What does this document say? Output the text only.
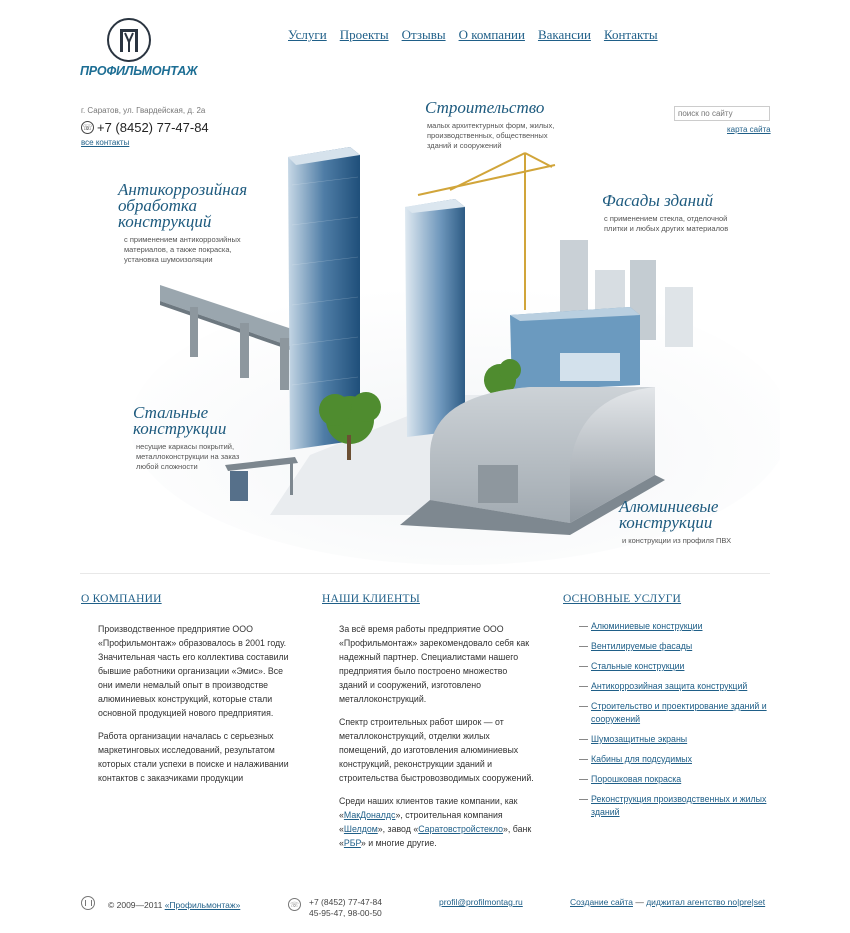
ПРОФИЛЬМОНТАЖ
Услуги Проекты Отзывы О компании Вакансии Контакты
г. Саратов, ул. Гвардейская, д. 2а
☏ +7 (8452) 77-47-84
все контакты
поиск по сайту
карта сайта
Строительство
малых архитектурных форм, жилых,
производственных, общественных
зданий и сооружений
Антикоррозийная
обработка
конструкций
с применением антикоррозийных
материалов, а также покраска,
установка шумоизоляции
Фасады зданий
с применением стекла, отделочной
плитки и любых других материалов
Стальные
конструкции
несущие каркасы покрытий,
металлоконструкции на заказ
любой сложности
Алюминиевые
конструкции
и конструкции из профиля ПВХ
О КОМПАНИИ

Производственное предприятие ООО «Профильмонтаж» образовалось в 2001 году. Значительная часть его коллектива составили бывшие работники организации «Эмис». Все они имели немалый опыт в производстве алюминиевых конструкций, которые стали основной продукцией нового предприятия.

Работа организации началась с серьезных маркетинговых исследований, результатом которых стали успехи в поиске и налаживании контактов с заказчиками продукции

НАШИ КЛИЕНТЫ

За всё время работы предприятие ООО «Профильмонтаж» зарекомендовало себя как надежный партнер. Специалистами нашего предприятия было построено множество зданий и сооружений, изготовлено металлоконструкций.

Спектр строительных работ широк — от металлоконструкций, отделки жилых помещений, до изготовления алюминиевых конструкций, реконструкции зданий и строительства быстровозводимых сооружений.

Среди наших клиентов такие компании, как «МакДоналдс», строительная компания «Шелдом», завод «Саратовстройстекло», банк «РБР» и многие другие.

ОСНОВНЫЕ УСЛУГИ
Алюминиевые конструкции
Вентилируемые фасады
Стальные конструкции
Антикоррозийная защита конструкций
Строительство и проектирование зданий и сооружений
Шумозащитные экраны
Кабины для подсудимых
Порошковая покраска
Реконструкция производственных и жилых зданий
© 2009—2011 «Профильмонтаж»	☏ +7 (8452) 77-47-84
45-95-47, 98-00-50
profil@profilmontag.ru	Создание сайта — диджитал агентство no|pre|set
